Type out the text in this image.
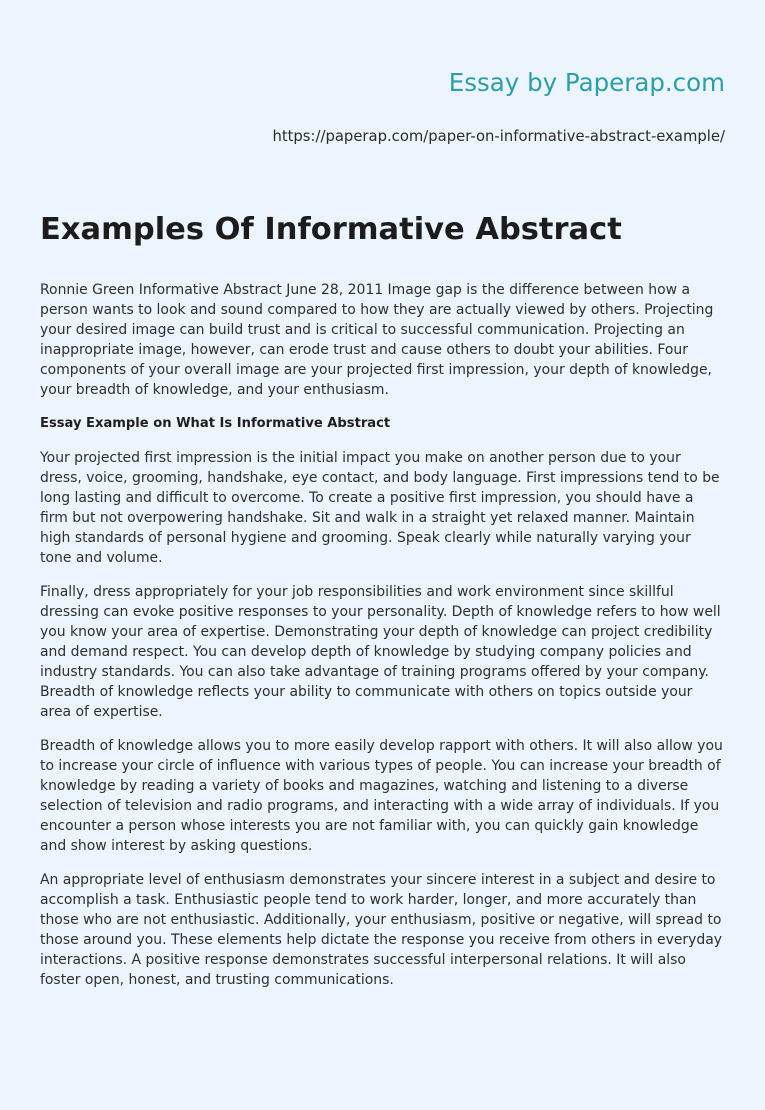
Essay by Paperap.com
https://paperap.com/paper-on-informative-abstract-example/
Examples Of Informative Abstract

Ronnie Green Informative Abstract June 28, 2011 Image gap is the difference between how a person wants to look and sound compared to how they are actually viewed by others. Projecting your desired image can build trust and is critical to successful communication. Projecting an inappropriate image, however, can erode trust and cause others to doubt your abilities. Four components of your overall image are your projected first impression, your depth of knowledge, your breadth of knowledge, and your enthusiasm.

Essay Example on What Is Informative Abstract

Your projected first impression is the initial impact you make on another person due to your dress, voice, grooming, handshake, eye contact, and body language. First impressions tend to be long lasting and difficult to overcome. To create a positive first impression, you should have a firm but not overpowering handshake. Sit and walk in a straight yet relaxed manner. Maintain high standards of personal hygiene and grooming. Speak clearly while naturally varying your tone and volume.

Finally, dress appropriately for your job responsibilities and work environment since skillful dressing can evoke positive responses to your personality. Depth of knowledge refers to how well you know your area of expertise. Demonstrating your depth of knowledge can project credibility and demand respect. You can develop depth of knowledge by studying company policies and industry standards. You can also take advantage of training programs offered by your company. Breadth of knowledge reflects your ability to communicate with others on topics outside your area of expertise.

Breadth of knowledge allows you to more easily develop rapport with others. It will also allow you to increase your circle of influence with various types of people. You can increase your breadth of knowledge by reading a variety of books and magazines, watching and listening to a diverse selection of television and radio programs, and interacting with a wide array of individuals. If you encounter a person whose interests you are not familiar with, you can quickly gain knowledge and show interest by asking questions.

An appropriate level of enthusiasm demonstrates your sincere interest in a subject and desire to accomplish a task. Enthusiastic people tend to work harder, longer, and more accurately than those who are not enthusiastic. Additionally, your enthusiasm, positive or negative, will spread to those around you. These elements help dictate the response you receive from others in everyday interactions. A positive response demonstrates successful interpersonal relations. It will also foster open, honest, and trusting communications.
